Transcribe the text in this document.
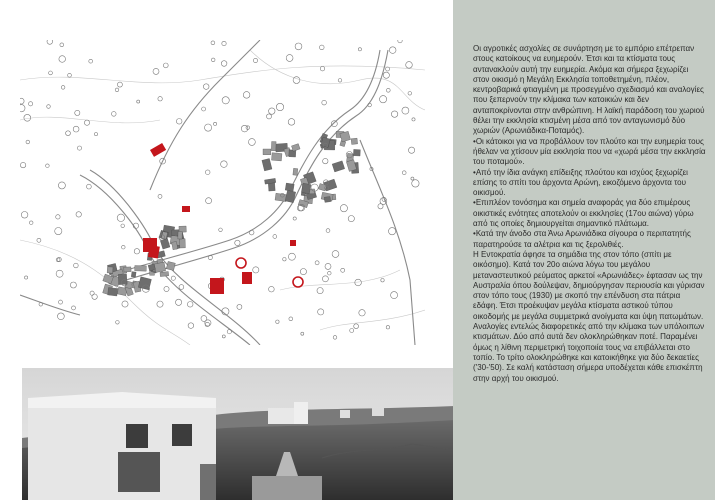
Οι αγροτικές ασχολίες σε συνάρτηση με το εμπόριο επέτρεπαν στους κατοίκους να ευημερούν. Έτσι και τα κτίσματα τους αντανακλούν αυτή την ευημερία. Ακόμα και σήμερα ξεχωρίζει στον οικισμό η Μεγάλη Εκκλησία τοποθετημένη, πλέον, κεντροβαρικά φτιαγμένη με προσεγμένο σχεδιασμό και αναλογίες που ξεπερνούν την κλίμακα των κατοικιών και δεν ανταποκρίνονται στην ανθρώπινη. Η λαϊκή παράδοση του χωριού θέλει την εκκλησία κτισμένη μέσα από τον ανταγωνισμό δύο χωριών (Αρωνιάδικα-Ποταμός).

• Οι κάτοικοι για να προβάλλουν τον πλούτο και την ευημερία τους ήθελαν να χτίσουν μία εκκλησία που να «χωρά μέσα την εκκλησία του ποταμού».

• Από την ίδια ανάγκη επίδειξης πλούτου και ισχύος ξεχωρίζει επίσης το σπίτι του άρχοντα Αρώνη, εικοζόμενο άρχοντα του οικισμού.

• Επιπλέον τονόσημα και σημεία αναφοράς για δύο επιμέρους οικιστικές ενότητες αποτελούν οι εκκλησίες (17ου αιώνα) γύρω από τις οποίες δημιουργείται σημαντικό πλάτωμα.

• Κατά την άνοδο στα Άνω Αρωνιάδικα σίγουρα ο περιπατητής παρατηρούσε τα αλέτρια και τις ξερολιθιές.

Η Εντοκρατία άφησε τα σημάδια της στον τόπο (σπίτι με οικόσημο). Κατά τον 20ο αιώνα λόγω του μεγάλου μεταναστευτικού ρεύματος αρκετοί «Αρωνιάδες» έφτασαν ως την Αυστραλία όπου δούλεψαν, δημιούργησαν περιουσία και γύρισαν στον τόπο τους (1930) με σκοπό την επένδυση στα πάτρια εδάφη. Έτσι προέκυψαν μεγάλα κτίσματα αστικού τύπου οικοδομής με μεγάλα συμμετρικά ανοίγματα και ύψη πατωμάτων. Αναλογίες εντελώς διαφορετικές από την κλίμακα των υπόλοιπων κτισμάτων. Δύο από αυτά δεν ολοκληρώθηκαν ποτέ. Παραμένει όμως η λίθινη περιμετρική τοιχοποιία τους να επιβάλλεται στο τοπίο. Το τρίτο ολοκληρώθηκε και κατοικήθηκε για δύο δεκαετίες ('30-'50). Σε καλή κατάσταση σήμερα υποδέχεται κάθε επισκέπτη στην αρχή του οικισμού.
